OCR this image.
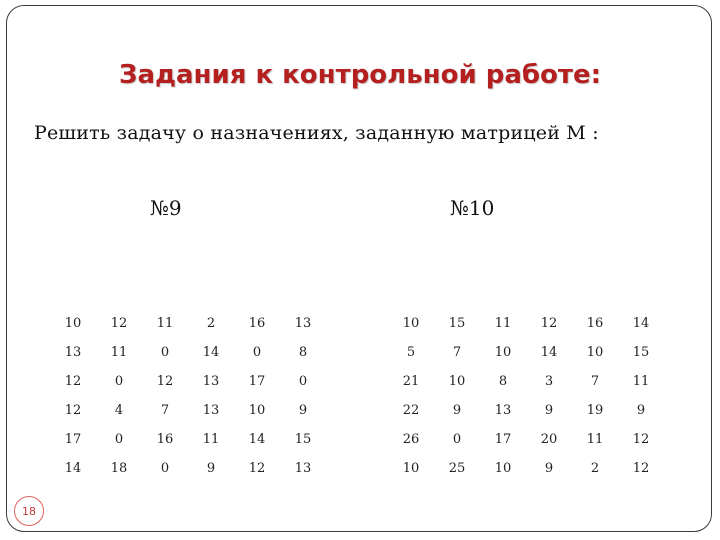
Задания к контрольной работе:
Решить задачу о назначениях, заданную матрицей M :
№9	№10
10	12	11	2	16	13
13	11	0	14	0	8
12	0	12	13	17	0
12	4	7	13	10	9
17	0	16	11	14	15
14	18	0	9	12	13
10	15	11	12	16	14
5	7	10	14	10	15
21	10	8	3	7	11
22	9	13	9	19	9
26	0	17	20	11	12
10	25	10	9	2	12
18
